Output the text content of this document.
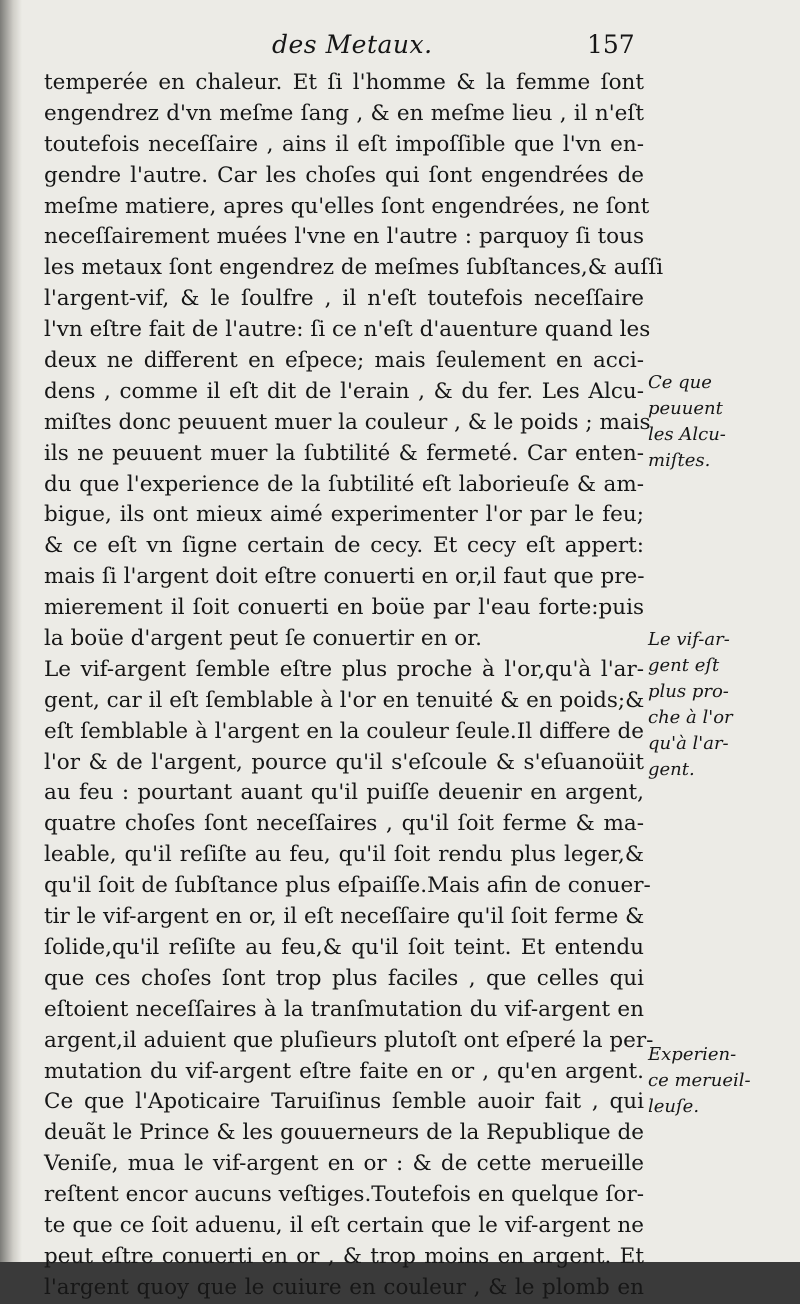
des Metaux.	157
temperée en chaleur. Et ſi l'homme & la femme ſont
engendrez d'vn meſme ſang , & en meſme lieu , il n'eſt
toutefois neceſſaire , ains il eſt impoſſible que l'vn en-
gendre l'autre. Car les choſes qui ſont engendrées de
meſme matiere, apres qu'elles ſont engendrées, ne ſont
neceſſairement muées l'vne en l'autre : parquoy ſi tous
les metaux ſont engendrez de meſmes ſubſtances,& auſſi
l'argent-vif, & le ſoulfre , il n'eſt toutefois neceſſaire
l'vn eſtre fait de l'autre: ſi ce n'eſt d'auenture quand les
deux ne different en eſpece; mais ſeulement en acci-
dens , comme il eſt dit de l'erain , & du fer. Les Alcu-
miſtes donc peuuent muer la couleur , & le poids ; mais
ils ne peuuent muer la ſubtilité & fermeté. Car enten-
du que l'experience de la ſubtilité eſt laborieuſe & am-
bigue, ils ont mieux aimé experimenter l'or par le feu;
& ce eſt vn ſigne certain de cecy. Et cecy eſt appert:
mais ſi l'argent doit eſtre conuerti en or,il faut que pre-
mierement il ſoit conuerti en boüe par l'eau forte:puis
la boüe d'argent peut ſe conuertir en or.
Le vif-argent ſemble eſtre plus proche à l'or,qu'à l'ar-
gent, car il eſt ſemblable à l'or en tenuité & en poids;&
eſt ſemblable à l'argent en la couleur ſeule.Il differe de
l'or & de l'argent, pource qu'il s'eſcoule & s'eſuanoüit
au feu : pourtant auant qu'il puiſſe deuenir en argent,
quatre choſes ſont neceſſaires , qu'il ſoit ferme & ma-
leable, qu'il reſiſte au feu, qu'il ſoit rendu plus leger,&
qu'il ſoit de ſubſtance plus eſpaiſſe.Mais afin de conuer-
tir le vif-argent en or, il eſt neceſſaire qu'il ſoit ferme &
ſolide,qu'il reſiſte au feu,& qu'il ſoit teint. Et entendu
que ces choſes ſont trop plus faciles , que celles qui
eſtoient neceſſaires à la tranſmutation du vif-argent en
argent,il aduient que pluſieurs plutoſt ont eſperé la per-
mutation du vif-argent eſtre faite en or , qu'en argent.
Ce que l'Apoticaire Taruiſinus ſemble auoir fait , qui
deuãt le Prince & les gouuerneurs de la Republique de
Veniſe, mua le vif-argent en or : & de cette merueille
reſtent encor aucuns veſtiges.Toutefois en quelque ſor-
te que ce ſoit aduenu, il eſt certain que le vif-argent ne
peut eſtre conuerti en or , & trop moins en argent. Et
l'argent quoy que le cuiure en couleur , & le plomb en
Ce que
peuuent
les Alcu-
miſtes.
Le vif-ar-
gent eſt
plus pro-
che à l'or
qu'à l'ar-
gent.
Experien-
ce merueil-
leuſe.
